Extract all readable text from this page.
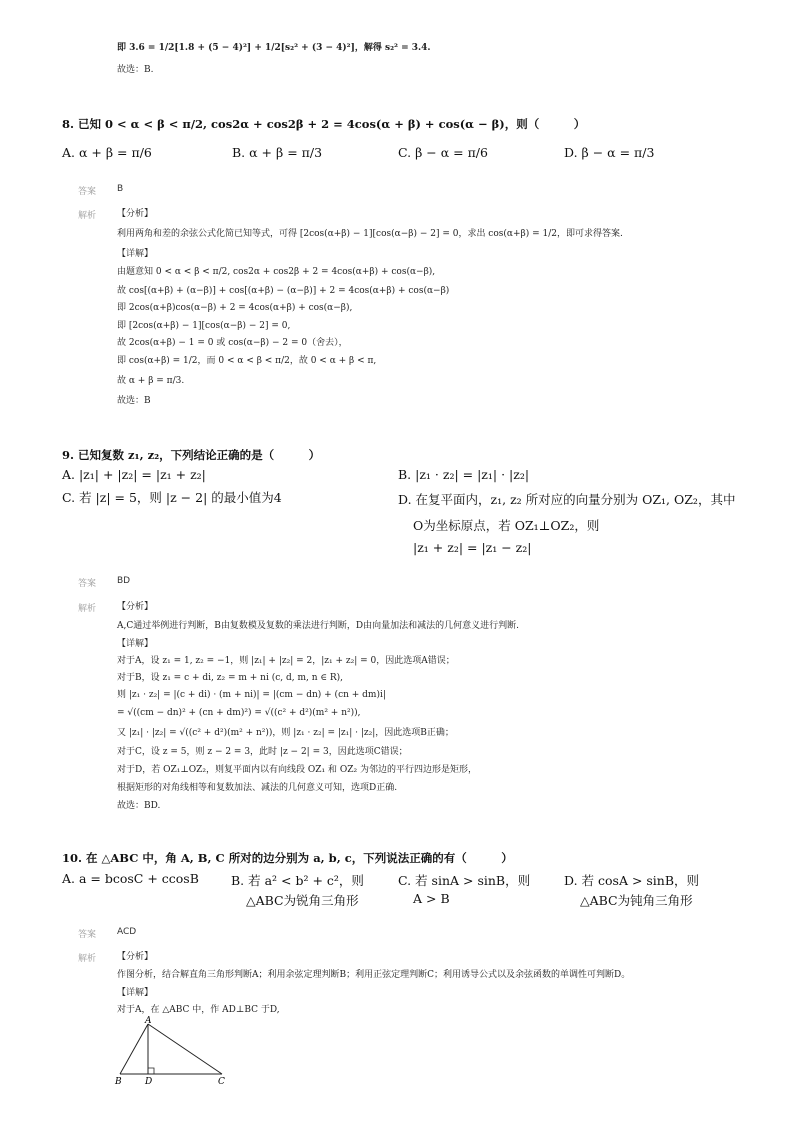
即 3.6 = 1/2[1.8 + (5 − 4)²] + 1/2[s₂² + (3 − 4)²]，解得 s₂² = 3.4.
故选：B.
8. 已知 0 < α < β < π/2, cos2α + cos2β + 2 = 4cos(α + β) + cos(α − β)，则（　　　）
A. α + β = π/6	B. α + β = π/3	C. β − α = π/6	D. β − α = π/3
答案 B
解析 【分析】
利用两角和差的余弦公式化简已知等式，可得 [2cos(α+β) − 1][cos(α−β) − 2] = 0，求出 cos(α+β) = 1/2，即可求得答案.
【详解】
由题意知 0 < α < β < π/2, cos2α + cos2β + 2 = 4cos(α+β) + cos(α−β),
故 cos[(α+β) + (α−β)] + cos[(α+β) − (α−β)] + 2 = 4cos(α+β) + cos(α−β)
即 2cos(α+β)cos(α−β) + 2 = 4cos(α+β) + cos(α−β),
即 [2cos(α+β) − 1][cos(α−β) − 2] = 0,
故 2cos(α+β) − 1 = 0 或 cos(α−β) − 2 = 0（舍去），
即 cos(α+β) = 1/2，而 0 < α < β < π/2，故 0 < α + β < π,
故 α + β = π/3.
故选：B
9. 已知复数 z₁, z₂，下列结论正确的是（　　　）
A. |z₁| + |z₂| = |z₁ + z₂|	B. |z₁ · z₂| = |z₁| · |z₂|
C. 若 |z| = 5，则 |z − 2| 的最小值为4	D. 在复平面内，z₁, z₂ 所对应的向量分别为 OZ₁, OZ₂，其中
O为坐标原点，若 OZ₁⊥OZ₂，则
|z₁ + z₂| = |z₁ − z₂|
答案 BD
解析 【分析】
A,C通过举例进行判断，B由复数模及复数的乘法进行判断，D由向量加法和减法的几何意义进行判断.
【详解】
对于A，设 z₁ = 1, z₂ = −1，则 |z₁| + |z₂| = 2，|z₁ + z₂| = 0，因此选项A错误；
对于B，设 z₁ = c + di, z₂ = m + ni (c, d, m, n ∈ R),
则 |z₁ · z₂| = |(c + di) · (m + ni)| = |(cm − dn) + (cn + dm)i|
= √((cm − dn)² + (cn + dm)²) = √((c² + d²)(m² + n²)),
又 |z₁| · |z₂| = √((c² + d²)(m² + n²))，则 |z₁ · z₂| = |z₁| · |z₂|，因此选项B正确；
对于C，设 z = 5，则 z − 2 = 3，此时 |z − 2| = 3，因此选项C错误；
对于D，若 OZ₁⊥OZ₂，则复平面内以有向线段 OZ₁ 和 OZ₂ 为邻边的平行四边形是矩形，
根据矩形的对角线相等和复数加法、减法的几何意义可知，选项D正确.
故选：BD.
10. 在 △ABC 中，角 A, B, C 所对的边分别为 a, b, c，下列说法正确的有（　　　）
A. a = bcosC + ccosB	B. 若 a² < b² + c²，则
△ABC为锐角三角形
C. 若 sinA > sinB，则
A > B
D. 若 cosA > sinB，则
△ABC为钝角三角形
答案 ACD
解析 【分析】
作图分析，结合解直角三角形判断A；利用余弦定理判断B；利用正弦定理判断C；利用诱导公式以及余弦函数的单调性可判断D。
【详解】
对于A，在 △ABC 中，作 AD⊥BC 于D,
A
B	D	C
